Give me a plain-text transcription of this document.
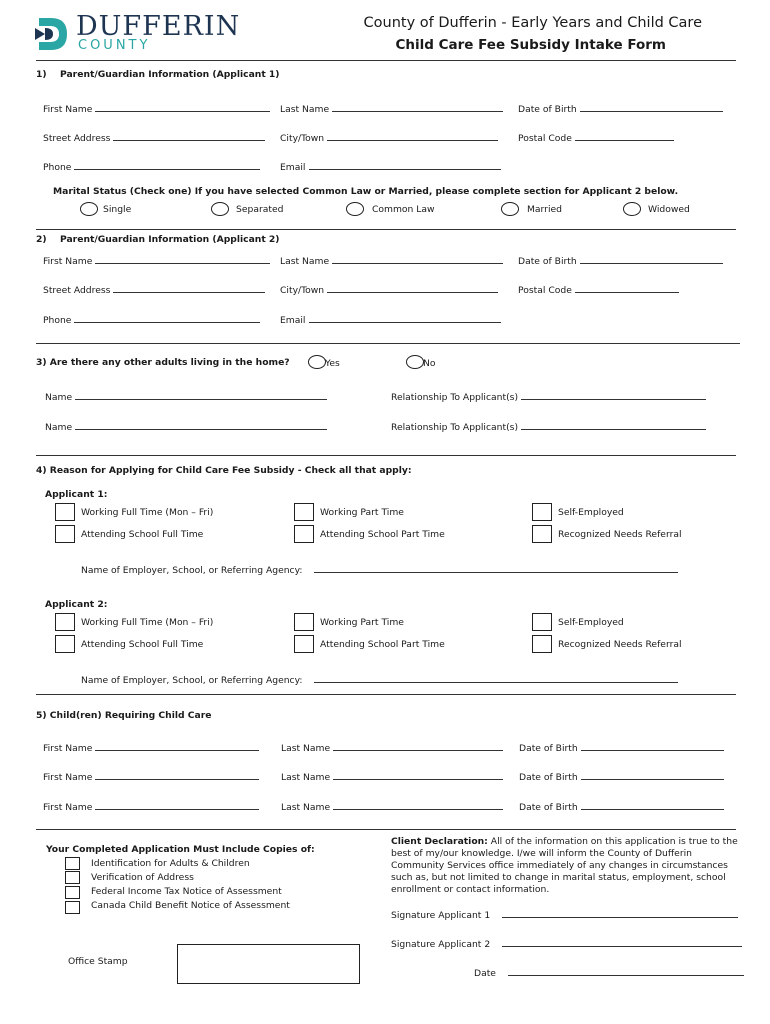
DUFFERIN
COUNTY
County of Dufferin - Early Years and Child Care
Child Care Fee Subsidy Intake Form
1) Parent/Guardian Information (Applicant 1)
First Name	Last Name	Date of Birth
Street Address	City/Town	Postal Code
Phone	Email
Marital Status (Check one) If you have selected Common Law or Married, please complete section for Applicant 2 below.
Single	Separated	Common Law	Married	Widowed
2) Parent/Guardian Information (Applicant 2)
First Name	Last Name	Date of Birth
Street Address	City/Town	Postal Code
Phone	Email
3) Are there any other adults living in the home?	Yes	No
Name	Relationship To Applicant(s)
Name	Relationship To Applicant(s)
4) Reason for Applying for Child Care Fee Subsidy - Check all that apply:
Applicant 1:
Working Full Time (Mon – Fri)	Working Part Time	Self-Employed
Attending School Full Time	Attending School Part Time	Recognized Needs Referral
Name of Employer, School, or Referring Agency:
Applicant 2:
Working Full Time (Mon – Fri)	Working Part Time	Self-Employed
Attending School Full Time	Attending School Part Time	Recognized Needs Referral
Name of Employer, School, or Referring Agency:
5) Child(ren) Requiring Child Care
First Name	Last Name	Date of Birth
First Name	Last Name	Date of Birth
First Name	Last Name	Date of Birth
Your Completed Application Must Include Copies of:
Identification for Adults & Children
Verification of Address
Federal Income Tax Notice of Assessment
Canada Child Benefit Notice of Assessment
Office Stamp
Client Declaration: All of the information on this application is true to the
best of my/our knowledge. I/we will inform the County of Dufferin
Community Services office immediately of any changes in circumstances
such as, but not limited to change in marital status, employment, school
enrollment or contact information.
Signature Applicant 1
Signature Applicant 2
Date
